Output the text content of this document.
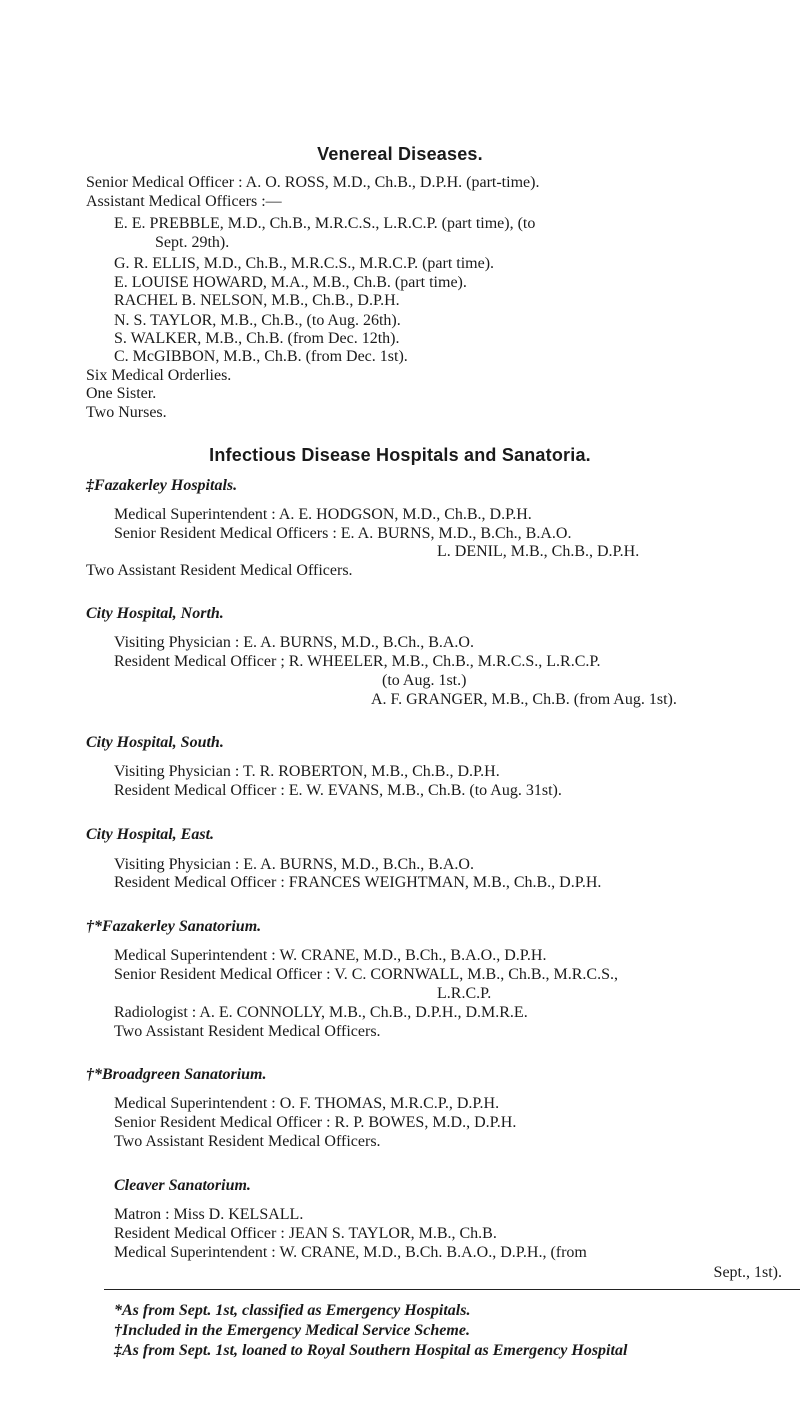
Venereal Diseases.
Senior Medical Officer : A. O. ROSS, M.D., Ch.B., D.P.H. (part-time).
Assistant Medical Officers :—
E. E. PREBBLE, M.D., Ch.B., M.R.C.S., L.R.C.P. (part time), (to
Sept. 29th).
G. R. ELLIS, M.D., Ch.B., M.R.C.S., M.R.C.P. (part time).
E. LOUISE HOWARD, M.A., M.B., Ch.B. (part time).
RACHEL B. NELSON, M.B., Ch.B., D.P.H.
N. S. TAYLOR, M.B., Ch.B., (to Aug. 26th).
S. WALKER, M.B., Ch.B. (from Dec. 12th).
C. McGIBBON, M.B., Ch.B. (from Dec. 1st).
Six Medical Orderlies.
One Sister.
Two Nurses.
Infectious Disease Hospitals and Sanatoria.
‡Fazakerley Hospitals.
Medical Superintendent : A. E. HODGSON, M.D., Ch.B., D.P.H.
Senior Resident Medical Officers : E. A. BURNS, M.D., B.Ch., B.A.O.
L. DENIL, M.B., Ch.B., D.P.H.
Two Assistant Resident Medical Officers.
City Hospital, North.
Visiting Physician : E. A. BURNS, M.D., B.Ch., B.A.O.
Resident Medical Officer ; R. WHEELER, M.B., Ch.B., M.R.C.S., L.R.C.P.
(to Aug. 1st.)
A. F. GRANGER, M.B., Ch.B. (from Aug. 1st).
City Hospital, South.
Visiting Physician : T. R. ROBERTON, M.B., Ch.B., D.P.H.
Resident Medical Officer : E. W. EVANS, M.B., Ch.B. (to Aug. 31st).
City Hospital, East.
Visiting Physician : E. A. BURNS, M.D., B.Ch., B.A.O.
Resident Medical Officer : FRANCES WEIGHTMAN, M.B., Ch.B., D.P.H.
†*Fazakerley Sanatorium.
Medical Superintendent : W. CRANE, M.D., B.Ch., B.A.O., D.P.H.
Senior Resident Medical Officer : V. C. CORNWALL, M.B., Ch.B., M.R.C.S.,
L.R.C.P.
Radiologist : A. E. CONNOLLY, M.B., Ch.B., D.P.H., D.M.R.E.
Two Assistant Resident Medical Officers.
†*Broadgreen Sanatorium.
Medical Superintendent : O. F. THOMAS, M.R.C.P., D.P.H.
Senior Resident Medical Officer : R. P. BOWES, M.D., D.P.H.
Two Assistant Resident Medical Officers.
Cleaver Sanatorium.
Matron : Miss D. KELSALL.
Resident Medical Officer : JEAN S. TAYLOR, M.B., Ch.B.
Medical Superintendent : W. CRANE, M.D., B.Ch. B.A.O., D.P.H., (from
Sept., 1st).
*As from Sept. 1st, classified as Emergency Hospitals.
†Included in the Emergency Medical Service Scheme.
‡As from Sept. 1st, loaned to Royal Southern Hospital as Emergency Hospital
